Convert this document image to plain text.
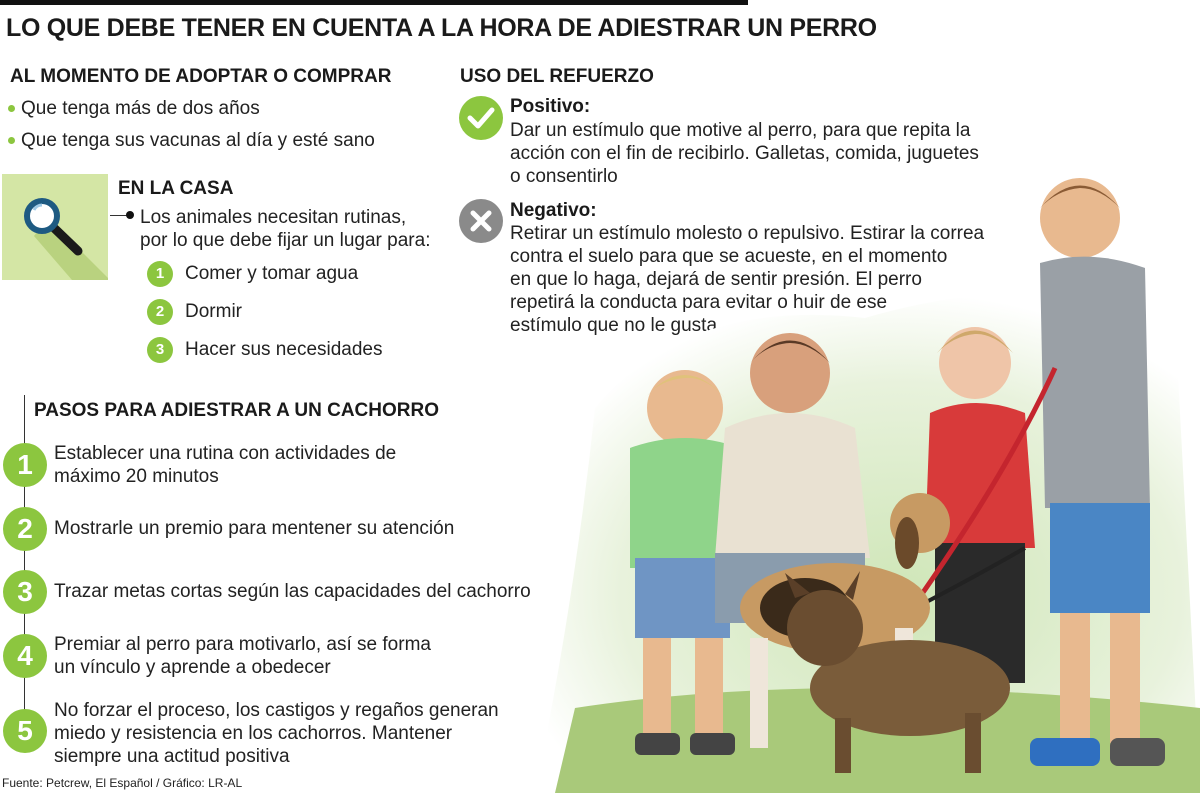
LO QUE DEBE TENER EN CUENTA A LA HORA DE ADIESTRAR UN PERRO
AL MOMENTO DE ADOPTAR O COMPRAR
Que tenga más de dos años
Que tenga sus vacunas al día y esté sano
EN LA CASA
Los animales necesitan rutinas,
por lo que debe fijar un lugar para:
1	Comer y tomar agua
2	Dormir
3	Hacer sus necesidades
USO DEL REFUERZO
Positivo:
Dar un estímulo que motive al perro, para que repita la
acción con el fin de recibirlo. Galletas, comida, juguetes
o consentirlo
Negativo:
Retirar un estímulo molesto o repulsivo. Estirar la correa
contra el suelo para que se acueste, en el momento
en que lo haga, dejará de sentir presión. El perro
repetirá la conducta para evitar o huir de ese
estímulo que no le gusta
PASOS PARA ADIESTRAR A UN CACHORRO
1	Establecer una rutina con actividades de
máximo 20 minutos
2	Mostrarle un premio para mentener su atención
3	Trazar metas cortas según las capacidades del cachorro
4	Premiar al perro para motivarlo, así se forma
un vínculo y aprende a obedecer
5
No forzar el proceso, los castigos y regaños generan
miedo y resistencia en los cachorros. Mantener
siempre una actitud positiva
Fuente: Petcrew, El Español / Gráfico: LR-AL
